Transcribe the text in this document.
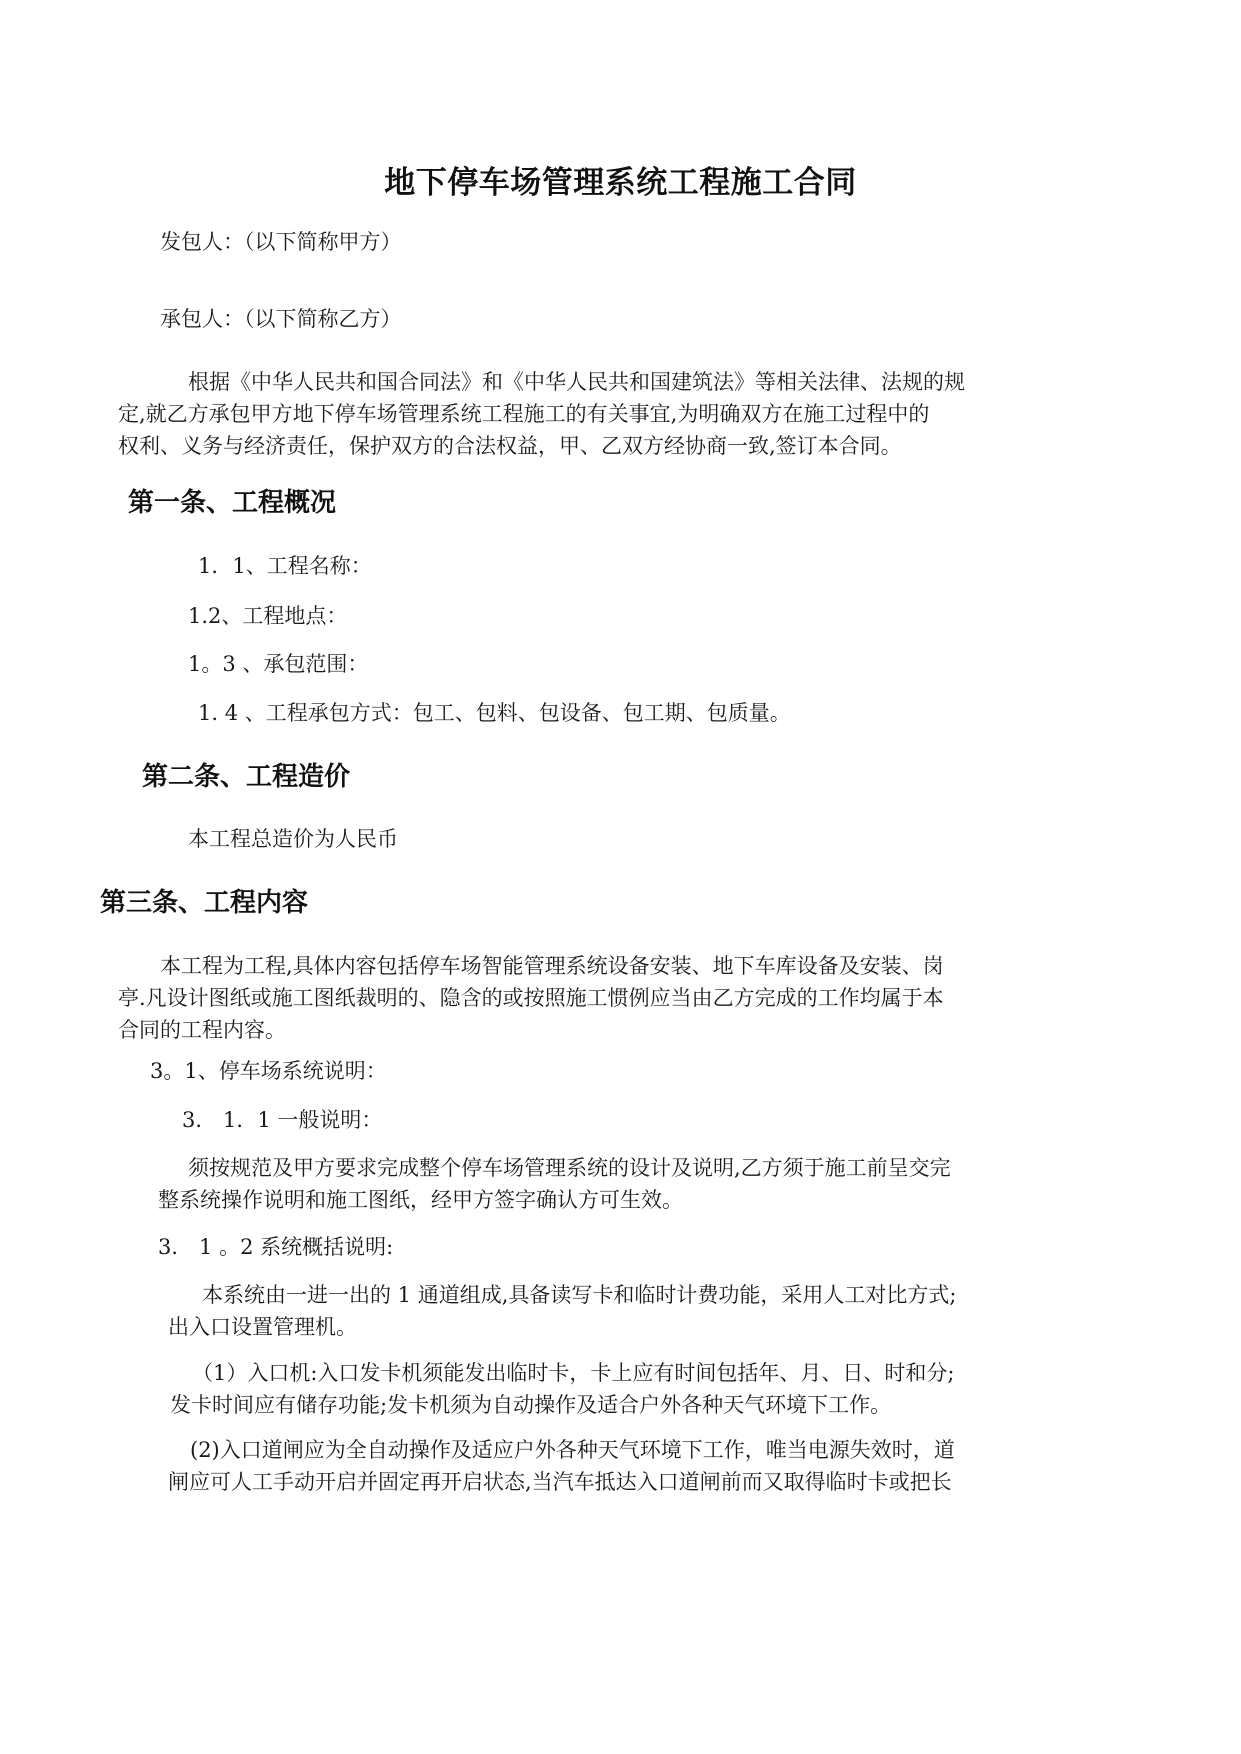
地下停车场管理系统工程施工合同
发包人：（以下简称甲方）
承包人：（以下简称乙方）
根据《中华人民共和国合同法》和《中华人民共和国建筑法》等相关法律、法规的规
定,就乙方承包甲方地下停车场管理系统工程施工的有关事宜,为明确双方在施工过程中的
权利、义务与经济责任，保护双方的合法权益，甲、乙双方经协商一致,签订本合同。
第一条、工程概况
1．1、工程名称：
1.2、工程地点：
1。3 、承包范围：
1. 4 、工程承包方式：包工、包料、包设备、包工期、包质量。
第二条、工程造价
本工程总造价为人民币
第三条、工程内容
本工程为工程,具体内容包括停车场智能管理系统设备安装、地下车库设备及安装、岗
亭.凡设计图纸或施工图纸裁明的、隐含的或按照施工惯例应当由乙方完成的工作均属于本
合同的工程内容。
3。1、停车场系统说明：
3． 1．1 一般说明：
须按规范及甲方要求完成整个停车场管理系统的设计及说明,乙方须于施工前呈交完
整系统操作说明和施工图纸，经甲方签字确认方可生效。
3． 1 。2 系统概括说明:
本系统由一进一出的 1 通道组成,具备读写卡和临时计费功能，采用人工对比方式;
出入口设置管理机。
（1）入口机:入口发卡机须能发出临时卡，卡上应有时间包括年、月、日、时和分;
发卡时间应有储存功能;发卡机须为自动操作及适合户外各种天气环境下工作。
(2)入口道闸应为全自动操作及适应户外各种天气环境下工作，唯当电源失效时，道
闸应可人工手动开启并固定再开启状态,当汽车抵达入口道闸前而又取得临时卡或把长
